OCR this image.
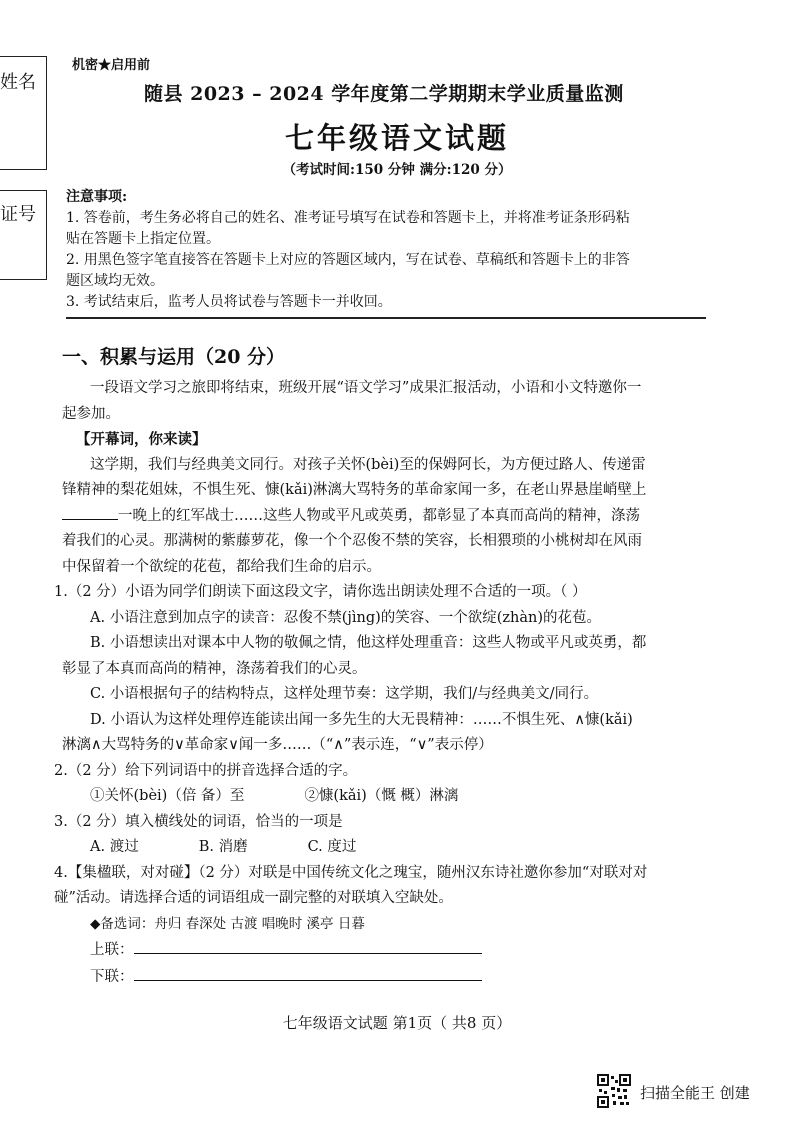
姓名
证号
机密★启用前
随县 2023 – 2024 学年度第二学期期末学业质量监测
七年级语文试题
（考试时间:150 分钟 满分:120 分）
注意事项:
1. 答卷前，考生务必将自己的姓名、准考证号填写在试卷和答题卡上，并将准考证条形码粘
贴在答题卡上指定位置。
2. 用黑色签字笔直接答在答题卡上对应的答题区域内，写在试卷、草稿纸和答题卡上的非答
题区域均无效。
3. 考试结束后，监考人员将试卷与答题卡一并收回。
一、积累与运用（20 分）
一段语文学习之旅即将结束，班级开展“语文学习”成果汇报活动，小语和小文特邀你一
起参加。
【开幕词，你来读】
这学期，我们与经典美文同行。对孩子关怀(bèi)至的保姆阿长，为方便过路人、传递雷
锋精神的梨花姐妹，不惧生死、慷(kǎi)淋漓大骂特务的革命家闻一多，在老山界悬崖峭壁上
一晚上的红军战士……这些人物或平凡或英勇，都彰显了本真而高尚的精神，涤荡
着我们的心灵。那满树的紫藤萝花，像一个个忍俊不禁的笑容，长相猥琐的小桃树却在风雨
中保留着一个欲绽的花苞，都给我们生命的启示。
1.（2 分）小语为同学们朗读下面这段文字，请你选出朗读处理不合适的一项。（ ）
A. 小语注意到加点字的读音：忍俊不禁(jìng)的笑容、一个欲绽(zhàn)的花苞。
B. 小语想读出对课本中人物的敬佩之情，他这样处理重音：这些人物或平凡或英勇，都
彰显了本真而高尚的精神，涤荡着我们的心灵。
C. 小语根据句子的结构特点，这样处理节奏：这学期，我们/与经典美文/同行。
D. 小语认为这样处理停连能读出闻一多先生的大无畏精神：……不惧生死、∧慷(kǎi)
淋漓∧大骂特务的∨革命家∨闻一多……（“∧”表示连，“∨”表示停）
2.（2 分）给下列词语中的拼音选择合适的字。
①关怀(bèi)（倍 备）至	②慷(kǎi)（慨 概）淋漓
3.（2 分）填入横线处的词语，恰当的一项是
A. 渡过	B. 消磨	C. 度过
4.【集楹联，对对碰】（2 分）对联是中国传统文化之瑰宝，随州汉东诗社邀你参加“对联对对
碰”活动。请选择合适的词语组成一副完整的对联填入空缺处。
◆备选词：舟归 春深处 古渡 唱晚时 溪亭 日暮
上联：
下联：
七年级语文试题 第1页（ 共8 页）
扫描全能王 创建
